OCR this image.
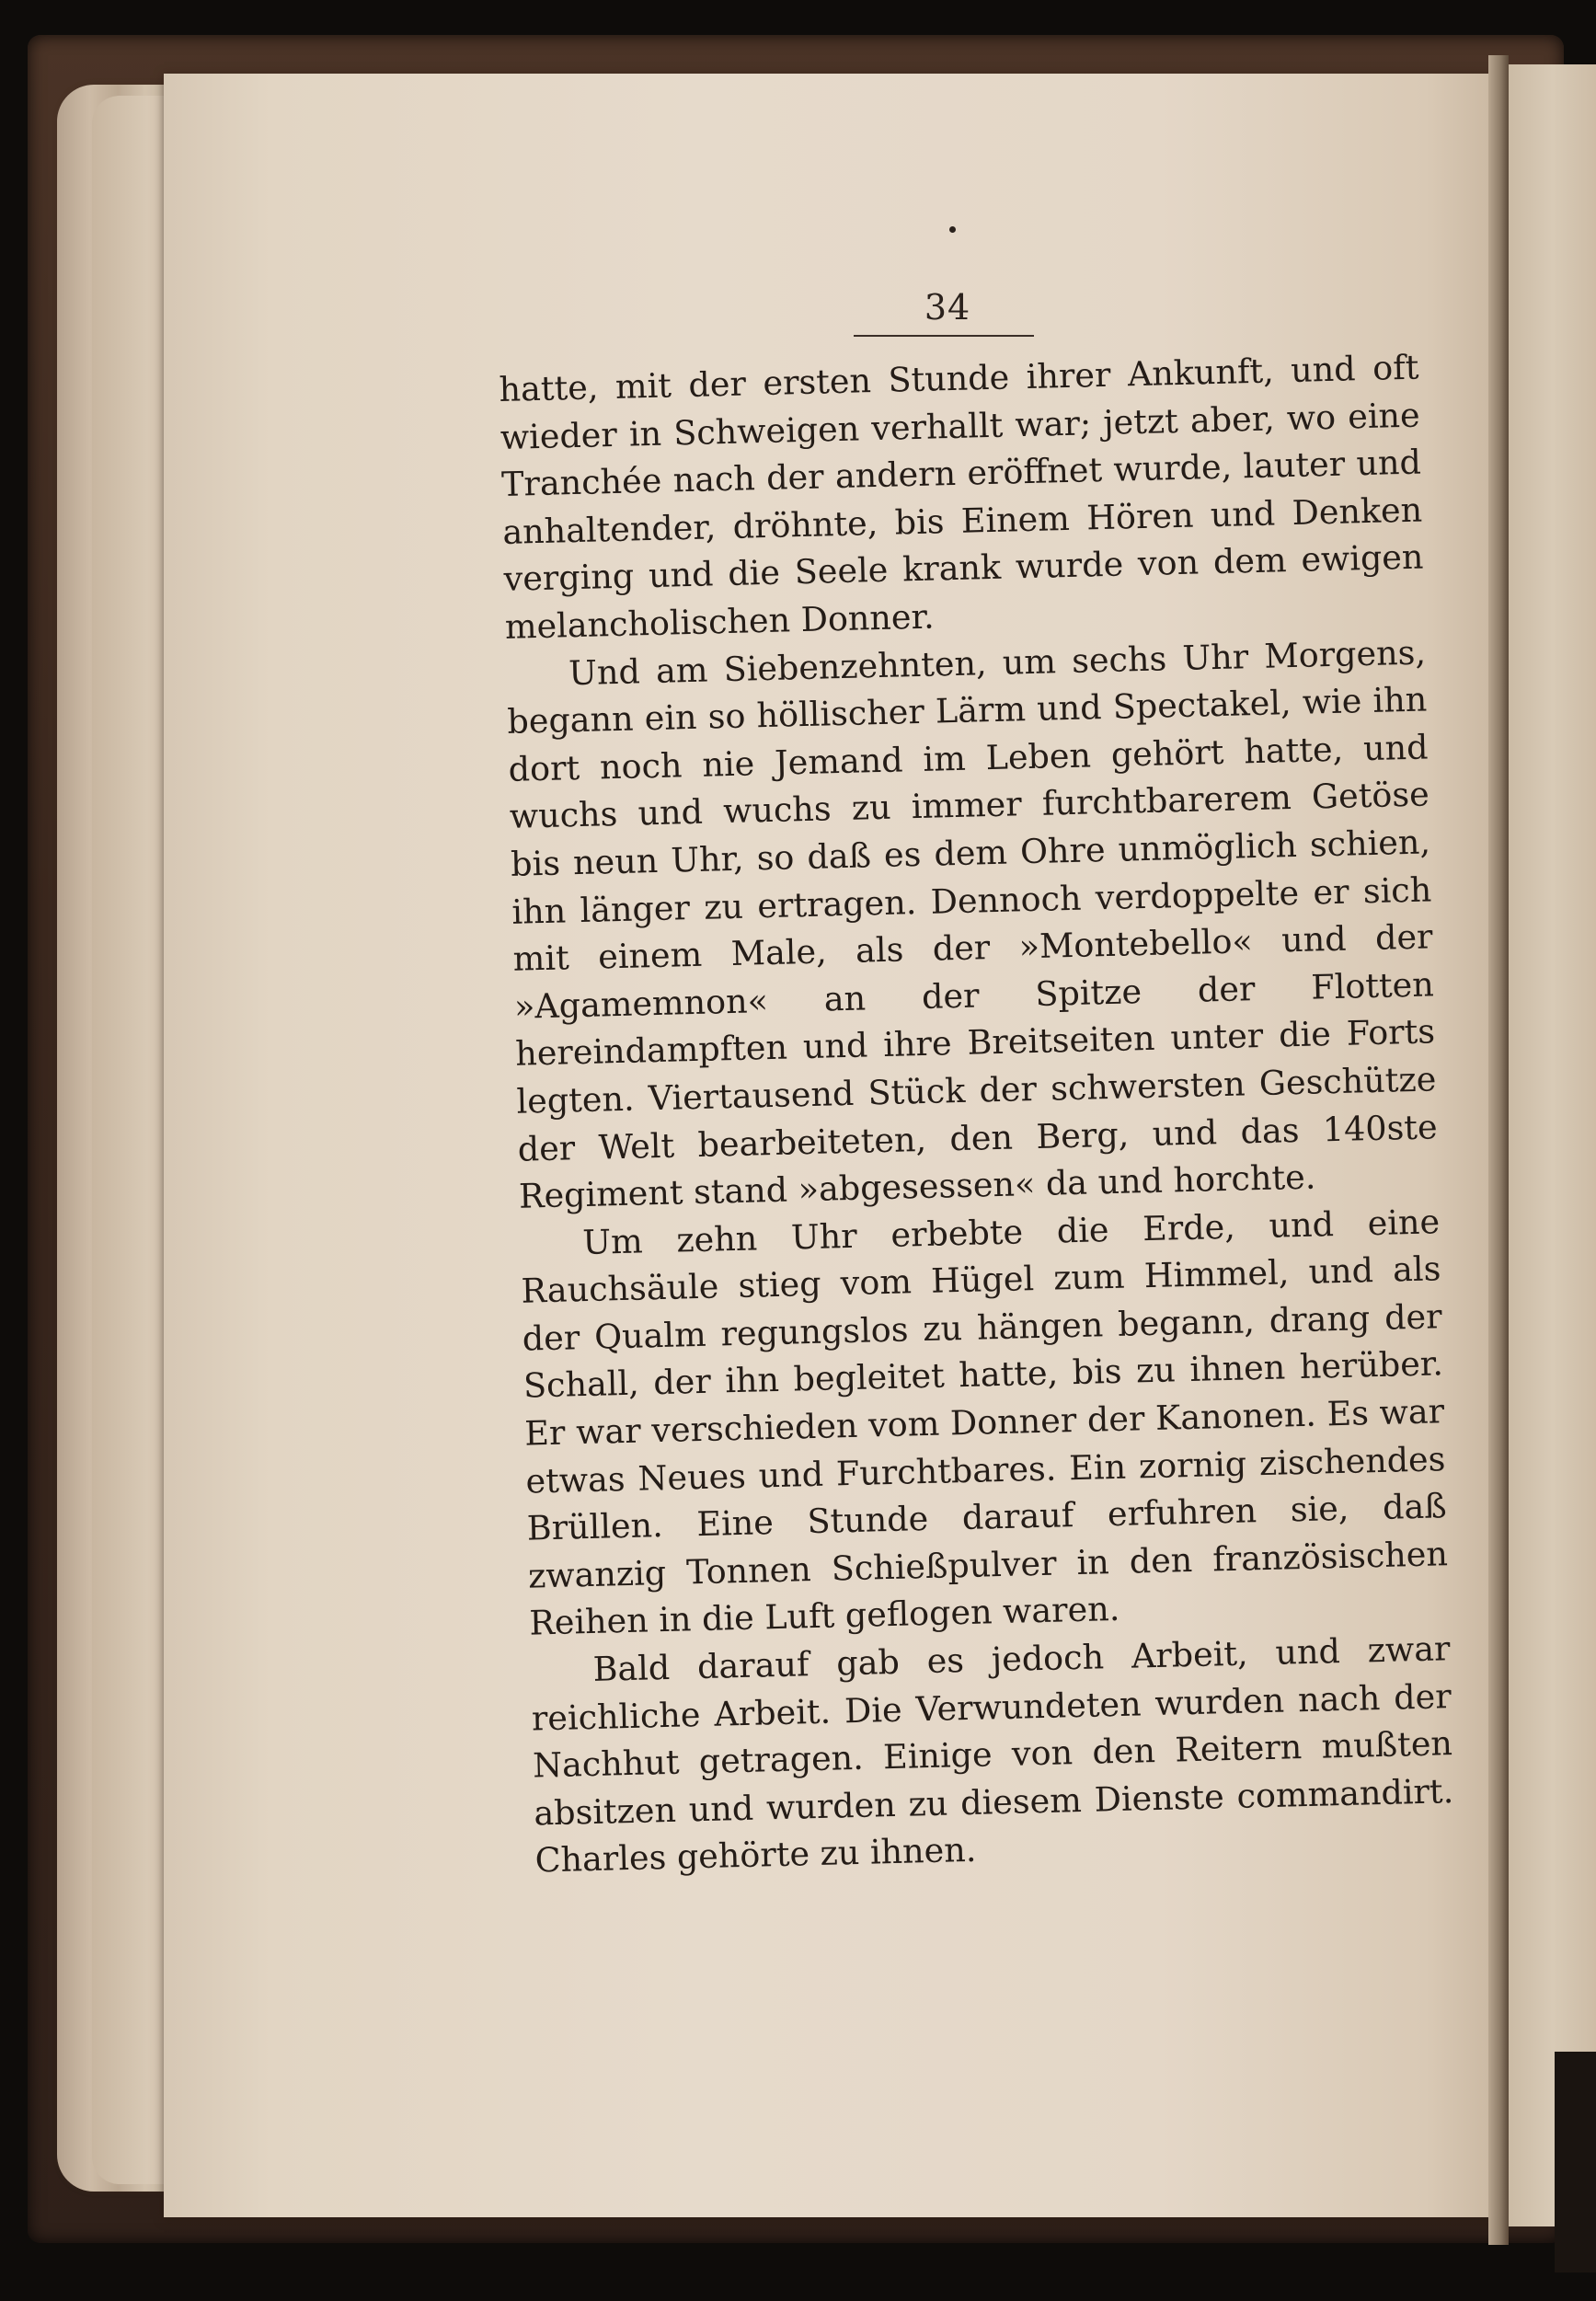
34

hatte, mit der ersten Stunde ihrer Ankunft, und oft wieder in Schweigen verhallt war; jetzt aber, wo eine Tranchée nach der andern eröffnet wurde, lauter und anhaltender, dröhnte, bis Einem Hören und Denken verging und die Seele krank wurde von dem ewigen melancholischen Donner.

Und am Siebenzehnten, um sechs Uhr Morgens, begann ein so höllischer Lärm und Spectakel, wie ihn dort noch nie Jemand im Leben gehört hatte, und wuchs und wuchs zu immer furchtbarerem Getöse bis neun Uhr, so daß es dem Ohre unmöglich schien, ihn länger zu ertragen. Dennoch verdoppelte er sich mit einem Male, als der »Montebello« und der »Agamemnon« an der Spitze der Flotten hereindampften und ihre Breitseiten unter die Forts legten. Viertausend Stück der schwersten Geschütze der Welt bearbeiteten, den Berg, und das 140ste Regiment stand »abgesessen« da und horchte.

Um zehn Uhr erbebte die Erde, und eine Rauchsäule stieg vom Hügel zum Himmel, und als der Qualm regungslos zu hängen begann, drang der Schall, der ihn begleitet hatte, bis zu ihnen herüber. Er war verschieden vom Donner der Kanonen. Es war etwas Neues und Furchtbares. Ein zornig zischendes Brüllen. Eine Stunde darauf erfuhren sie, daß zwanzig Tonnen Schießpulver in den französischen Reihen in die Luft geflogen waren.

Bald darauf gab es jedoch Arbeit, und zwar reichliche Arbeit. Die Verwundeten wurden nach der Nachhut getragen. Einige von den Reitern mußten absitzen und wurden zu diesem Dienste commandirt. Charles gehörte zu ihnen.
